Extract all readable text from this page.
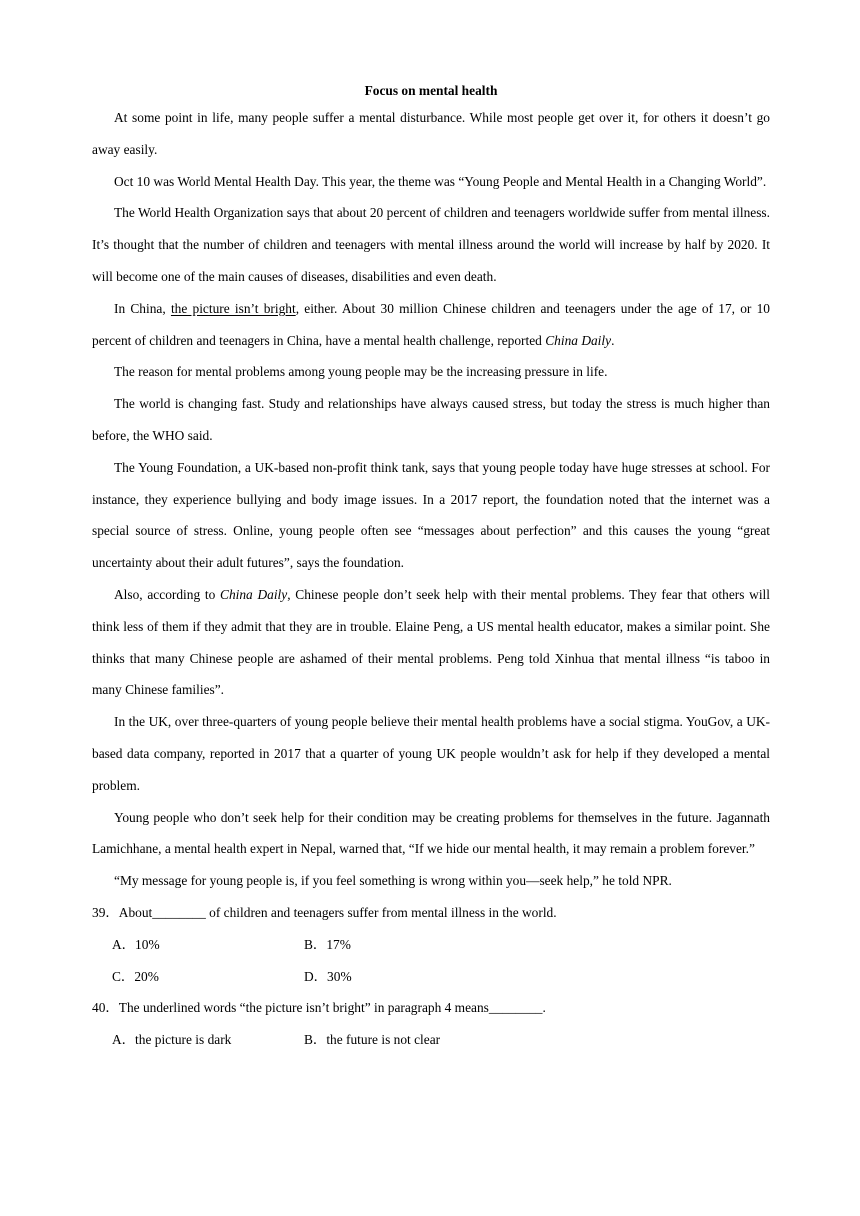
Focus on mental health

At some point in life, many people suffer a mental disturbance. While most people get over it, for others it doesn’t go away easily.

Oct 10 was World Mental Health Day. This year, the theme was “Young People and Mental Health in a Changing World”.

The World Health Organization says that about 20 percent of children and teenagers worldwide suffer from mental illness. It’s thought that the number of children and teenagers with mental illness around the world will increase by half by 2020. It will become one of the main causes of diseases, disabilities and even death.

In China, the picture isn’t bright, either. About 30 million Chinese children and teenagers under the age of 17, or 10 percent of children and teenagers in China, have a mental health challenge, reported China Daily.

The reason for mental problems among young people may be the increasing pressure in life.

The world is changing fast. Study and relationships have always caused stress, but today the stress is much higher than before, the WHO said.

The Young Foundation, a UK-based non-profit think tank, says that young people today have huge stresses at school. For instance, they experience bullying and body image issues. In a 2017 report, the foundation noted that the internet was a special source of stress. Online, young people often see “messages about perfection” and this causes the young “great uncertainty about their adult futures”, says the foundation.

Also, according to China Daily, Chinese people don’t seek help with their mental problems. They fear that others will think less of them if they admit that they are in trouble. Elaine Peng, a US mental health educator, makes a similar point. She thinks that many Chinese people are ashamed of their mental problems. Peng told Xinhua that mental illness “is taboo in many Chinese families”.

In the UK, over three-quarters of young people believe their mental health problems have a social stigma. YouGov, a UK-based data company, reported in 2017 that a quarter of young UK people wouldn’t ask for help if they developed a mental problem.

Young people who don’t seek help for their condition may be creating problems for themselves in the future. Jagannath Lamichhane, a mental health expert in Nepal, warned that, “If we hide our mental health, it may remain a problem forever.”

“My message for young people is, if you feel something is wrong within you—seek help,” he told NPR.

39．About________ of children and teenagers suffer from mental illness in the world.

A．10%	B．17%
C．20%	D．30%

40．The underlined words “the picture isn’t bright” in paragraph 4 means________.

A．the picture is dark	B．the future is not clear
